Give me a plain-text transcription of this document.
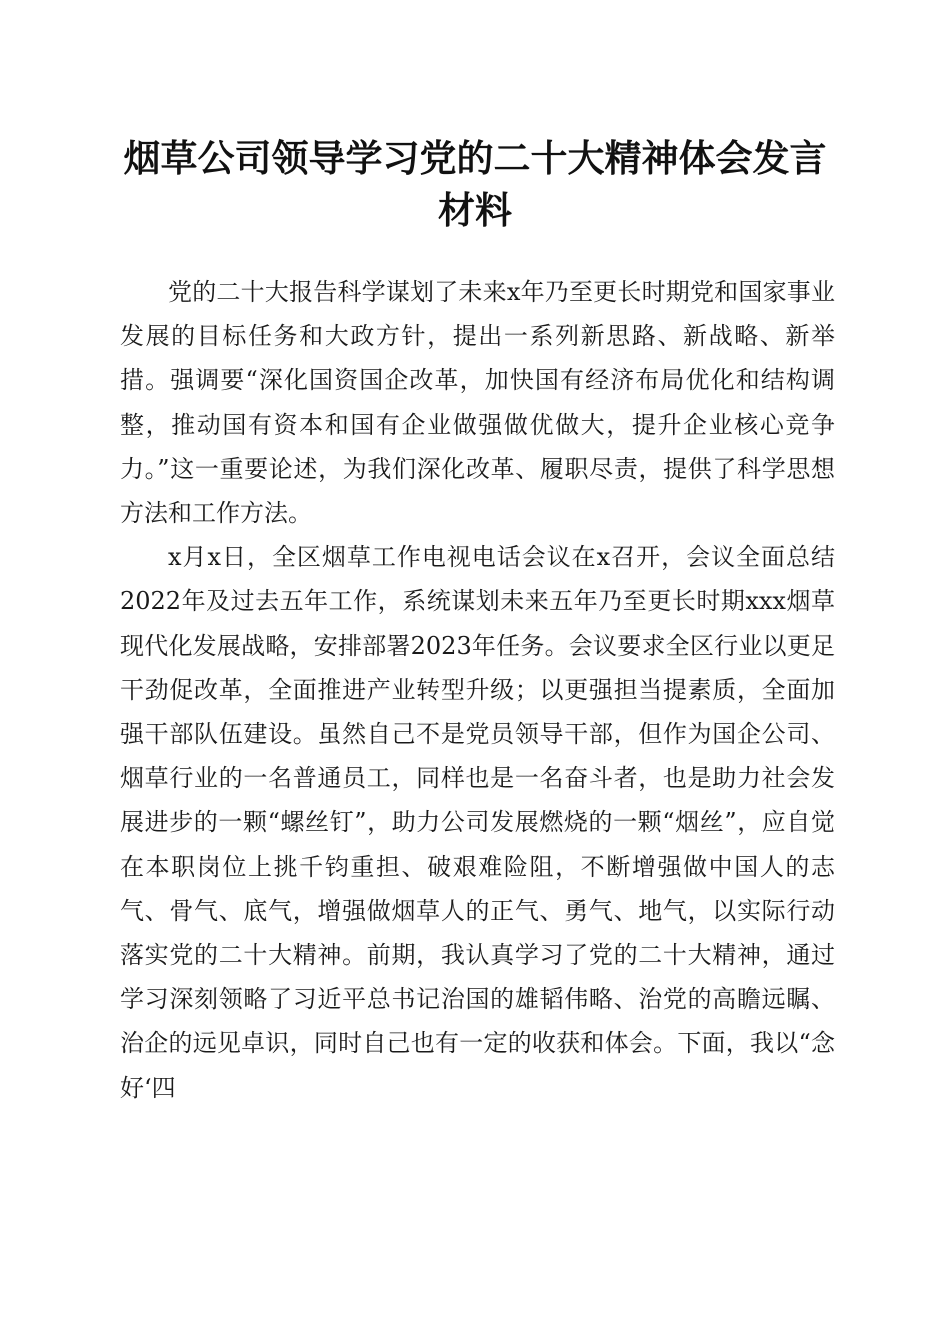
烟草公司领导学习党的二十大精神体会发言材料

党的二十大报告科学谋划了未来x年乃至更长时期党和国家事业发展的目标任务和大政方针，提出一系列新思路、新战略、新举措。强调要“深化国资国企改革，加快国有经济布局优化和结构调整，推动国有资本和国有企业做强做优做大，提升企业核心竞争力。”这一重要论述，为我们深化改革、履职尽责，提供了科学思想方法和工作方法。

x月x日，全区烟草工作电视电话会议在x召开，会议全面总结2022年及过去五年工作，系统谋划未来五年乃至更长时期xxx烟草现代化发展战略，安排部署2023年任务。会议要求全区行业以更足干劲促改革，全面推进产业转型升级；以更强担当提素质，全面加强干部队伍建设。虽然自己不是党员领导干部，但作为国企公司、烟草行业的一名普通员工，同样也是一名奋斗者，也是助力社会发展进步的一颗“螺丝钉”，助力公司发展燃烧的一颗“烟丝”，应自觉在本职岗位上挑千钧重担、破艰难险阻，不断增强做中国人的志气、骨气、底气，增强做烟草人的正气、勇气、地气，以实际行动落实党的二十大精神。前期，我认真学习了党的二十大精神，通过学习深刻领略了习近平总书记治国的雄韬伟略、治党的高瞻远瞩、治企的远见卓识，同时自己也有一定的收获和体会。下面，我以“念好‘四
